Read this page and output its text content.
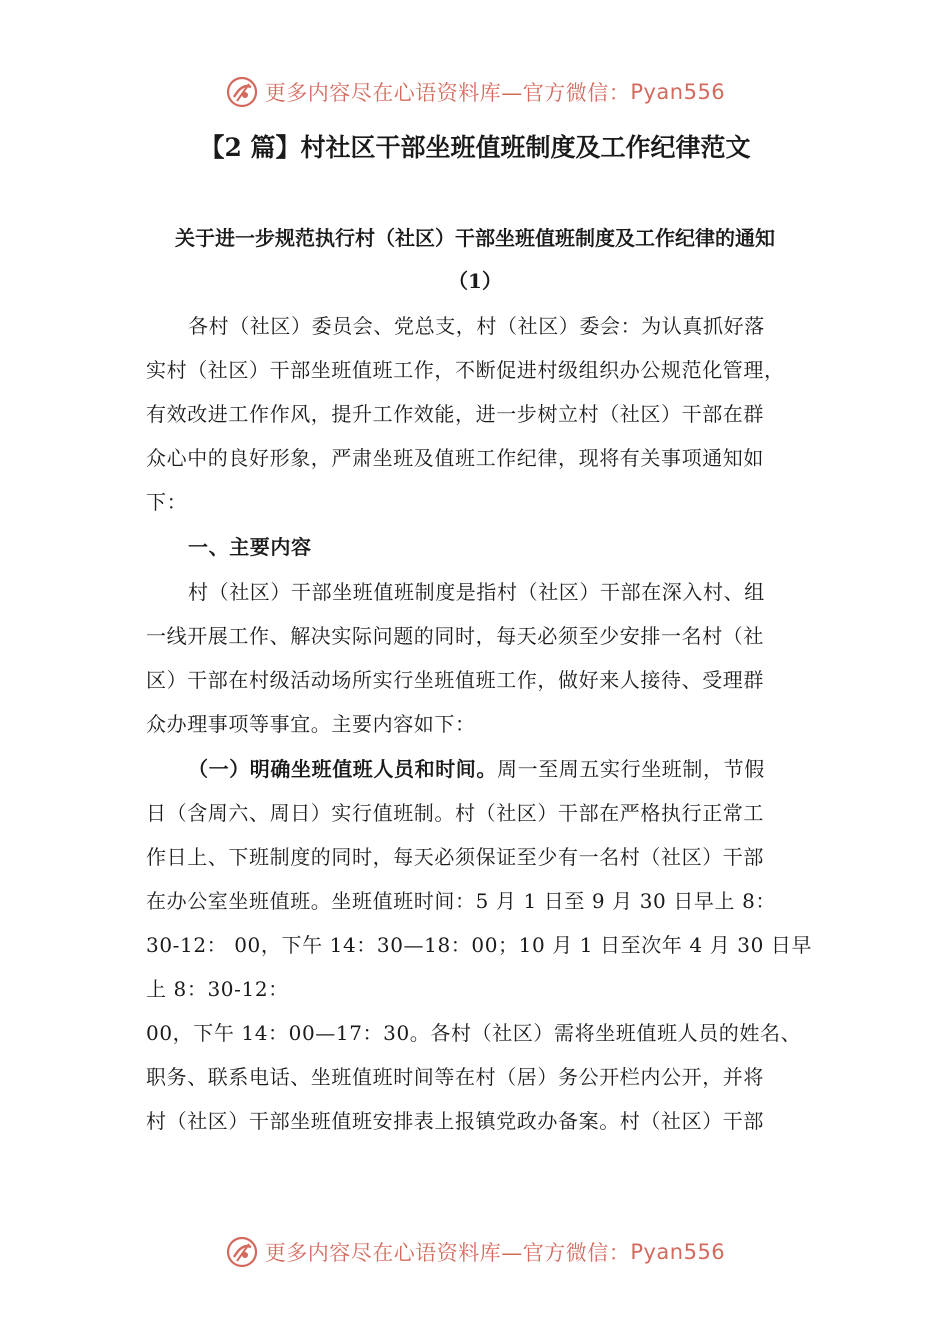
更多内容尽在心语资料库—官方微信： Pyan556
【2 篇】村社区干部坐班值班制度及工作纪律范文
关于进一步规范执行村（社区）干部坐班值班制度及工作纪律的通知
（1）

各村（社区）委员会、党总支，村（社区）委会：为认真抓好落

实村（社区）干部坐班值班工作，不断促进村级组织办公规范化管理，

有效改进工作作风，提升工作效能，进一步树立村（社区）干部在群

众心中的良好形象，严肃坐班及值班工作纪律，现将有关事项通知如

下：

一、主要内容

村（社区）干部坐班值班制度是指村（社区）干部在深入村、组

一线开展工作、解决实际问题的同时，每天必须至少安排一名村（社

区）干部在村级活动场所实行坐班值班工作，做好来人接待、受理群

众办理事项等事宜。主要内容如下：

（一）明确坐班值班人员和时间。周一至周五实行坐班制，节假

日（含周六、周日）实行值班制。村（社区）干部在严格执行正常工

作日上、下班制度的同时，每天必须保证至少有一名村（社区）干部

在办公室坐班值班。坐班值班时间：5 月 1 日至 9 月 30 日早上 8：

30-12： 00，下午 14：30—18：00；10 月 1 日至次年 4 月 30 日早

上 8：30-12：

00，下午 14：00—17：30。各村（社区）需将坐班值班人员的姓名、

职务、联系电话、坐班值班时间等在村（居）务公开栏内公开，并将

村（社区）干部坐班值班安排表上报镇党政办备案。村（社区）干部

更多内容尽在心语资料库—官方微信： Pyan556
